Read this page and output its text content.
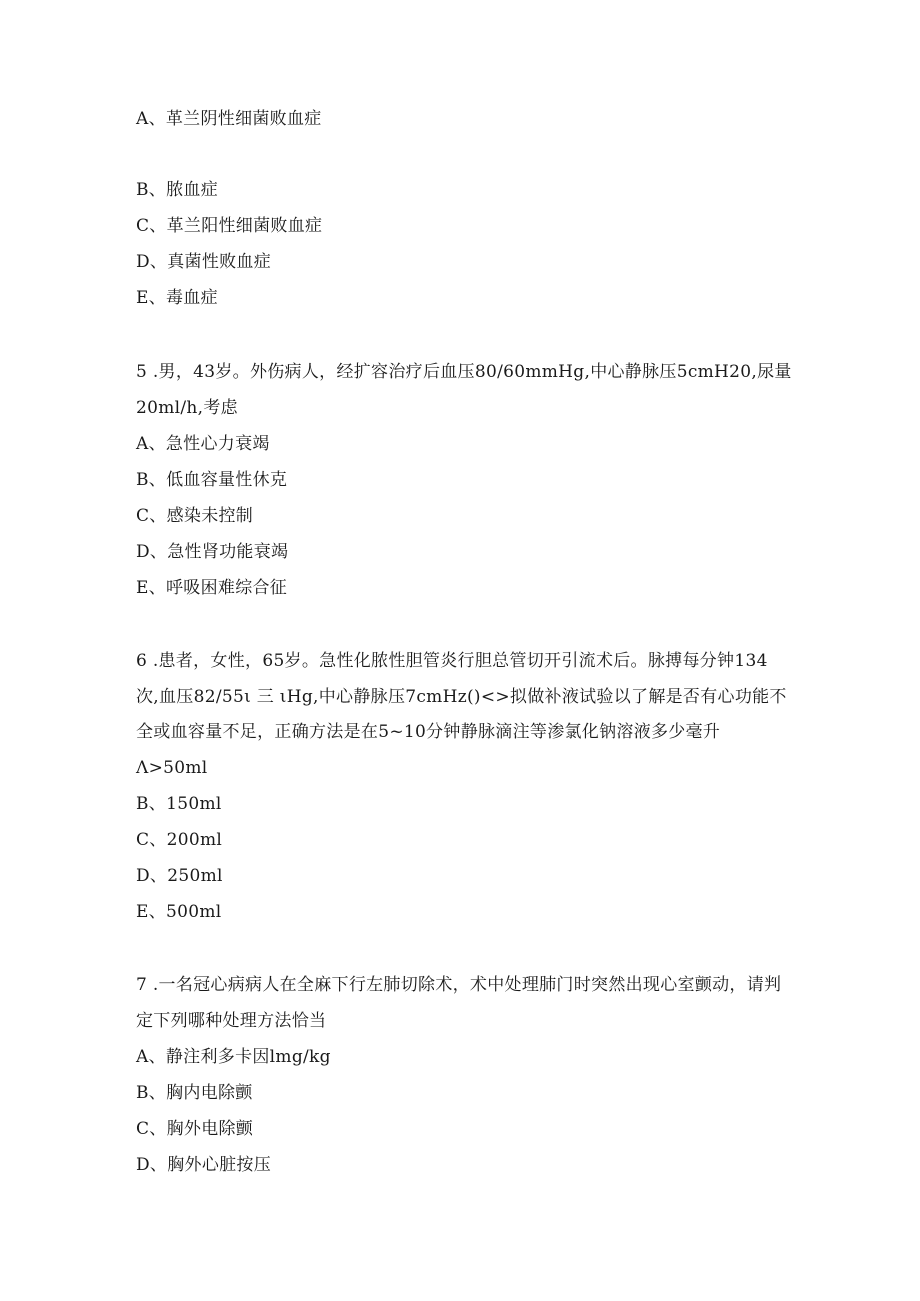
A、革兰阴性细菌败血症
B、脓血症
C、革兰阳性细菌败血症
D、真菌性败血症
E、毒血症
5 .男，43岁。外伤病人，经扩容治疗后血压80/60mmHg,中心静脉压5cmH20,尿量
20ml/h,考虑
A、急性心力衰竭
B、低血容量性休克
C、感染未控制
D、急性肾功能衰竭
E、呼吸困难综合征
6 .患者，女性，65岁。急性化脓性胆管炎行胆总管切开引流术后。脉搏每分钟134
次,血压82/55ι 三 ιHg,中心静脉压7cmHz()<>拟做补液试验以了解是否有心功能不
全或血容量不足，正确方法是在5~10分钟静脉滴注等渗氯化钠溶液多少毫升
Λ>50ml
B、150ml
C、200ml
D、250ml
E、500ml
7 .一名冠心病病人在全麻下行左肺切除术，术中处理肺门时突然出现心室颤动，请判
定下列哪种处理方法恰当
A、静注利多卡因lmg/kg
B、胸内电除颤
C、胸外电除颤
D、胸外心脏按压
